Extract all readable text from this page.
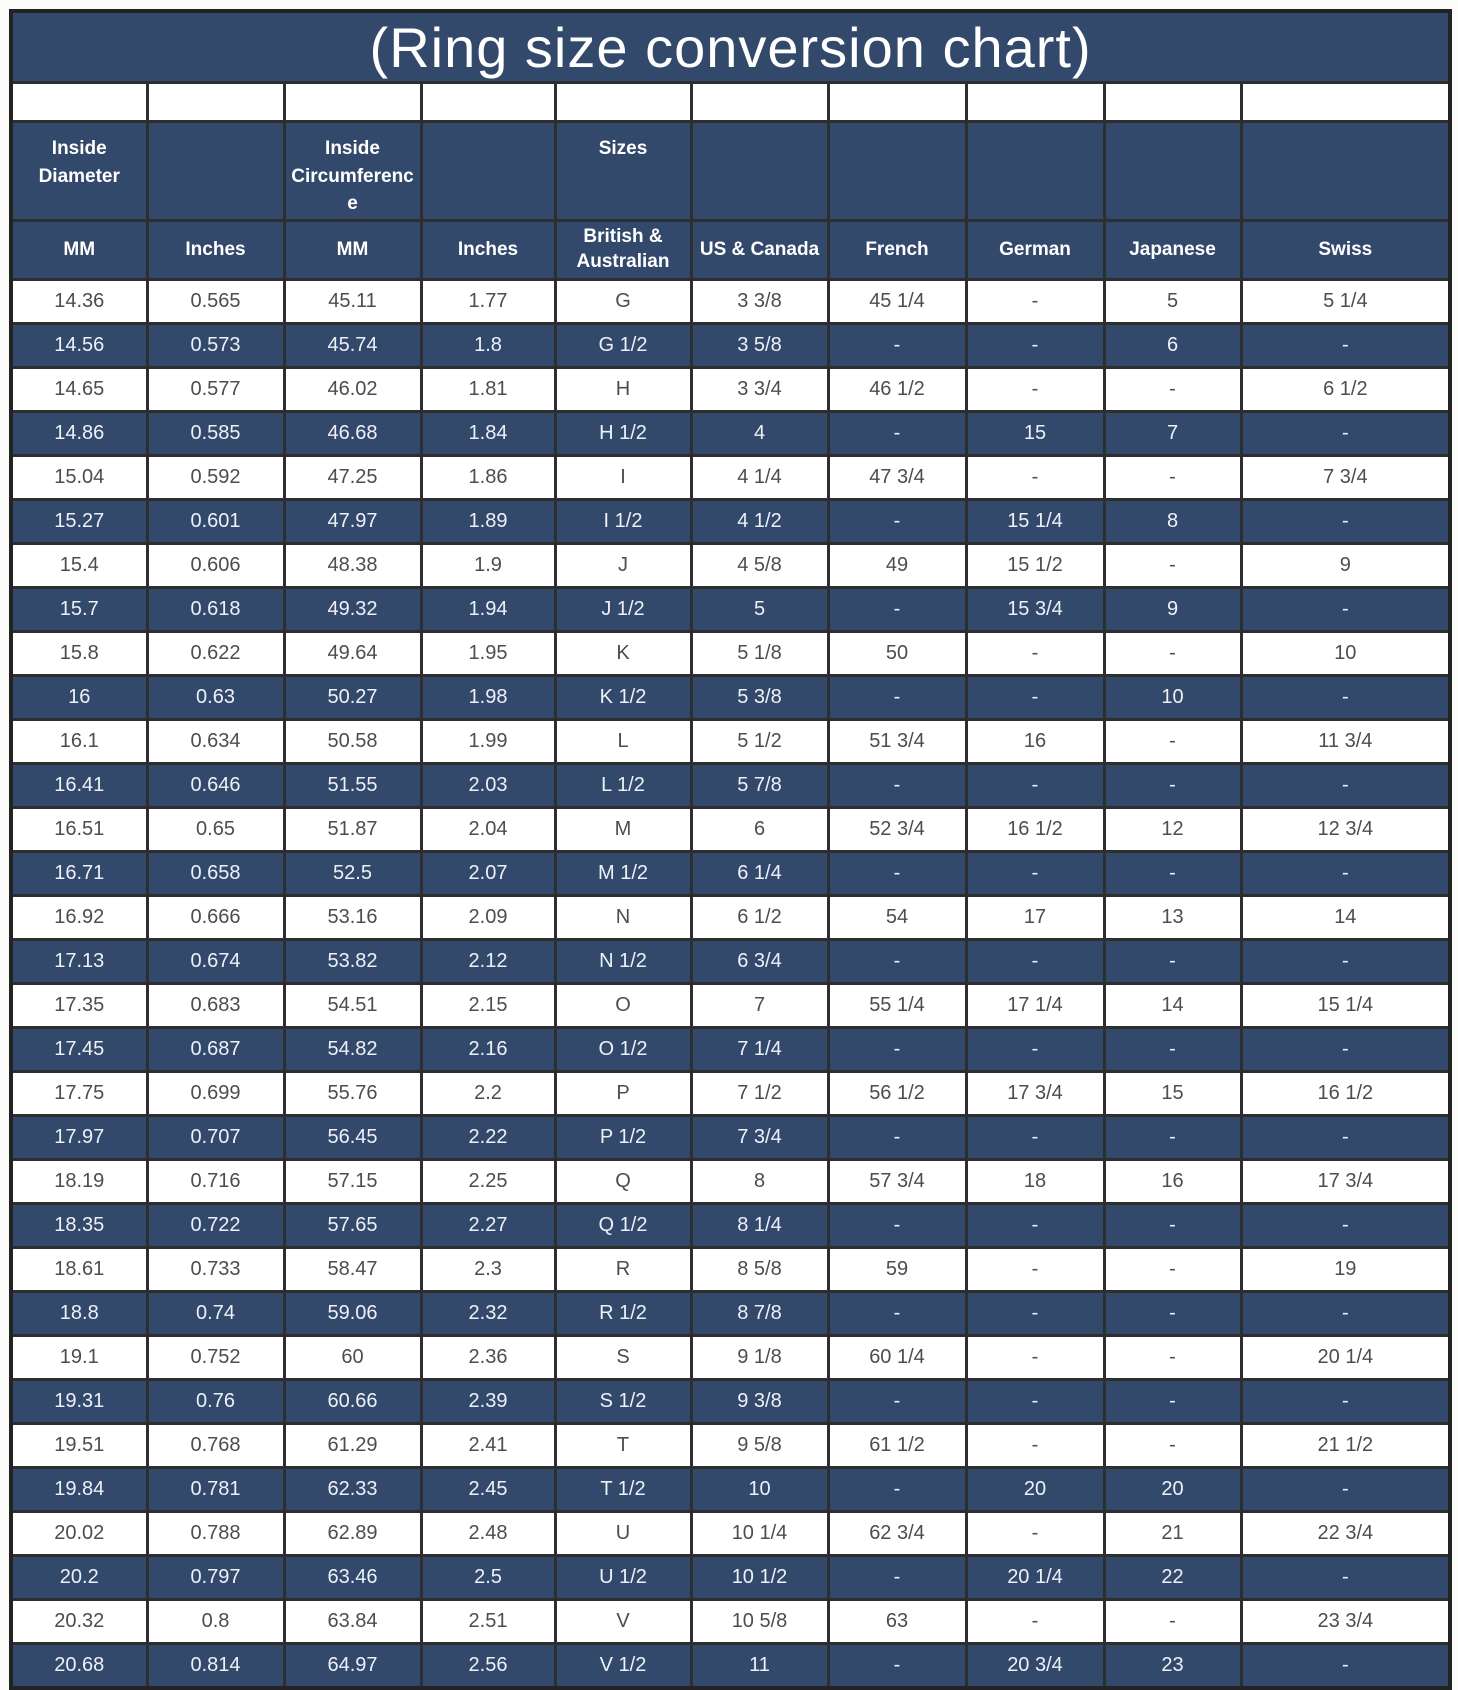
(Ring size conversion chart)									

Inside Diameter		Inside Circumference		Sizes					
MM	Inches	MM	Inches	British & Australian	US & Canada	French	German	Japanese	Swiss
14.36	0.565	45.11	1.77	G	3 3/8	45 1/4	-	5	5 1/4
14.56	0.573	45.74	1.8	G 1/2	3 5/8	-	-	6	-
14.65	0.577	46.02	1.81	H	3 3/4	46 1/2	-	-	6 1/2
14.86	0.585	46.68	1.84	H 1/2	4	-	15	7	-
15.04	0.592	47.25	1.86	I	4 1/4	47 3/4	-	-	7 3/4
15.27	0.601	47.97	1.89	I 1/2	4 1/2	-	15 1/4	8	-
15.4	0.606	48.38	1.9	J	4 5/8	49	15 1/2	-	9
15.7	0.618	49.32	1.94	J 1/2	5	-	15 3/4	9	-
15.8	0.622	49.64	1.95	K	5 1/8	50	-	-	10
16	0.63	50.27	1.98	K 1/2	5 3/8	-	-	10	-
16.1	0.634	50.58	1.99	L	5 1/2	51 3/4	16	-	11 3/4
16.41	0.646	51.55	2.03	L 1/2	5 7/8	-	-	-	-
16.51	0.65	51.87	2.04	M	6	52 3/4	16 1/2	12	12 3/4
16.71	0.658	52.5	2.07	M 1/2	6 1/4	-	-	-	-
16.92	0.666	53.16	2.09	N	6 1/2	54	17	13	14
17.13	0.674	53.82	2.12	N 1/2	6 3/4	-	-	-	-
17.35	0.683	54.51	2.15	O	7	55 1/4	17 1/4	14	15 1/4
17.45	0.687	54.82	2.16	O 1/2	7 1/4	-	-	-	-
17.75	0.699	55.76	2.2	P	7 1/2	56 1/2	17 3/4	15	16 1/2
17.97	0.707	56.45	2.22	P 1/2	7 3/4	-	-	-	-
18.19	0.716	57.15	2.25	Q	8	57 3/4	18	16	17 3/4
18.35	0.722	57.65	2.27	Q 1/2	8 1/4	-	-	-	-
18.61	0.733	58.47	2.3	R	8 5/8	59	-	-	19
18.8	0.74	59.06	2.32	R 1/2	8 7/8	-	-	-	-
19.1	0.752	60	2.36	S	9 1/8	60 1/4	-	-	20 1/4
19.31	0.76	60.66	2.39	S 1/2	9 3/8	-	-	-	-
19.51	0.768	61.29	2.41	T	9 5/8	61 1/2	-	-	21 1/2
19.84	0.781	62.33	2.45	T 1/2	10	-	20	20	-
20.02	0.788	62.89	2.48	U	10 1/4	62 3/4	-	21	22 3/4
20.2	0.797	63.46	2.5	U 1/2	10 1/2	-	20 1/4	22	-
20.32	0.8	63.84	2.51	V	10 5/8	63	-	-	23 3/4
20.68	0.814	64.97	2.56	V 1/2	11	-	20 3/4	23	-
